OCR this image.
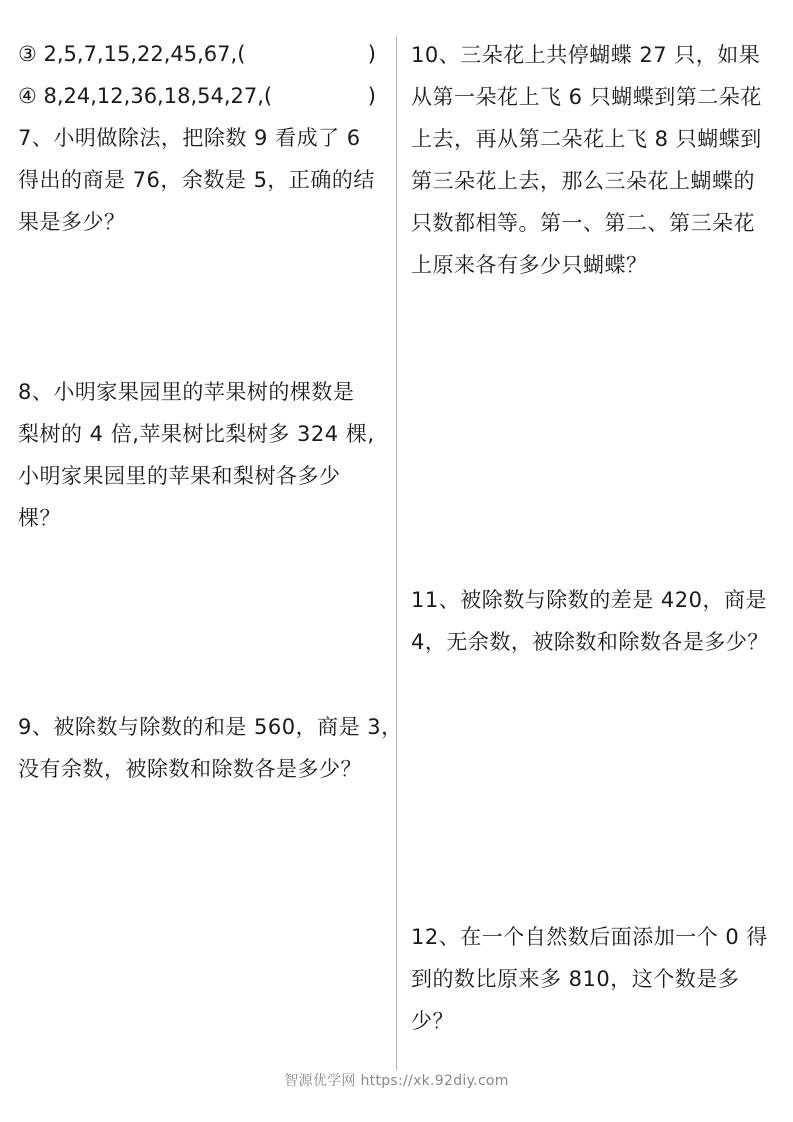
③ 2,5,7,15,22,45,67,(	)
④ 8,24,12,36,18,54,27,(	)
7、小明做除法，把除数 9 看成了 6
得出的商是 76，余数是 5，正确的结
果是多少？
8、小明家果园里的苹果树的棵数是
梨树的 4 倍,苹果树比梨树多 324 棵,
小明家果园里的苹果和梨树各多少
棵？
9、被除数与除数的和是 560，商是 3，
没有余数，被除数和除数各是多少？
10、三朵花上共停蝴蝶 27 只，如果
从第一朵花上飞 6 只蝴蝶到第二朵花
上去，再从第二朵花上飞 8 只蝴蝶到
第三朵花上去，那么三朵花上蝴蝶的
只数都相等。第一、第二、第三朵花
上原来各有多少只蝴蝶？
11、被除数与除数的差是 420，商是
4，无余数，被除数和除数各是多少？
12、在一个自然数后面添加一个 0 得
到的数比原来多 810，这个数是多
少？
智源优学网 https://xk.92diy.com
